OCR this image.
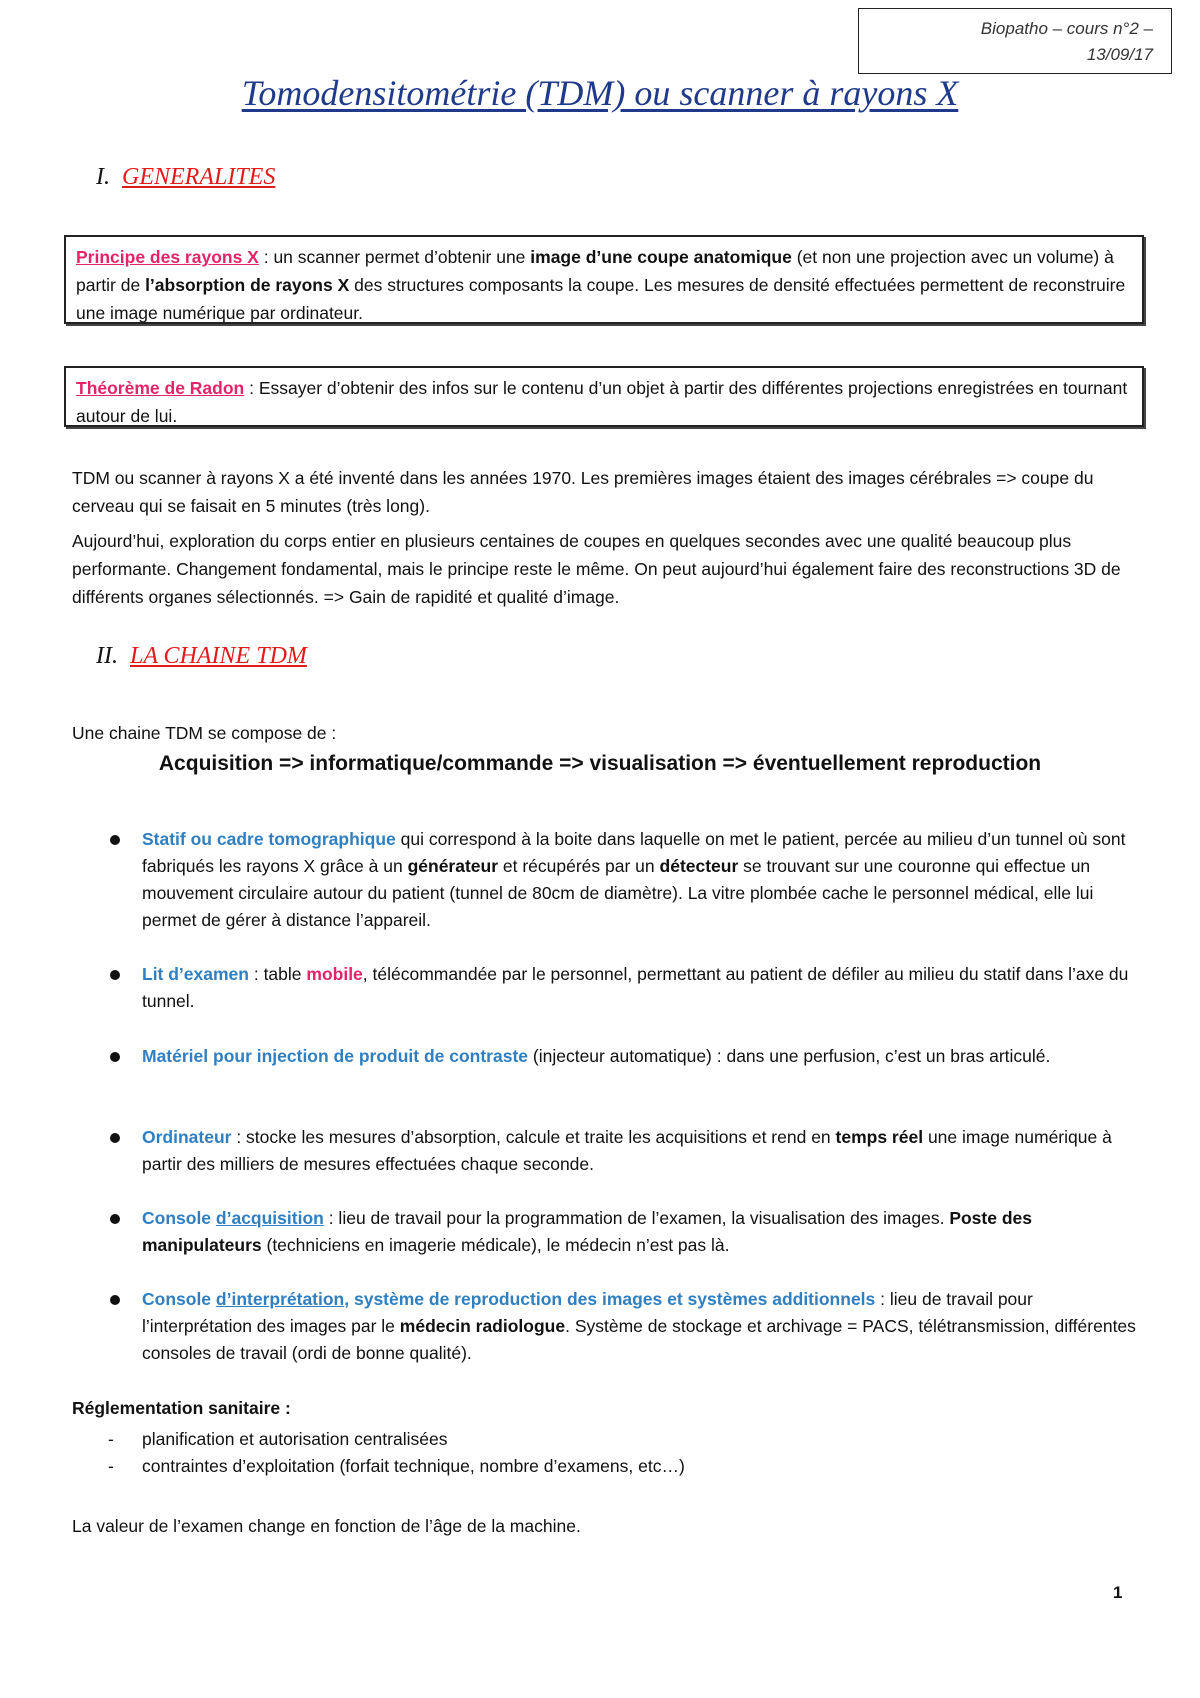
Biopatho – cours n°2 –
13/09/17
Tomodensitométrie (TDM) ou scanner à rayons X
I. GENERALITES
Principe des rayons X : un scanner permet d’obtenir une image d’une coupe anatomique (et non une projection avec un volume) à partir de l’absorption de rayons X des structures composants la coupe. Les mesures de densité effectuées permettent de reconstruire une image numérique par ordinateur.
Théorème de Radon : Essayer d’obtenir des infos sur le contenu d’un objet à partir des différentes projections enregistrées en tournant autour de lui.
TDM ou scanner à rayons X a été inventé dans les années 1970. Les premières images étaient des images cérébrales => coupe du cerveau qui se faisait en 5 minutes (très long).
Aujourd’hui, exploration du corps entier en plusieurs centaines de coupes en quelques secondes avec une qualité beaucoup plus performante. Changement fondamental, mais le principe reste le même. On peut aujourd’hui également faire des reconstructions 3D de différents organes sélectionnés. => Gain de rapidité et qualité d’image.
II. LA CHAINE TDM
Une chaine TDM se compose de :
Acquisition => informatique/commande => visualisation => éventuellement reproduction
Statif ou cadre tomographique qui correspond à la boite dans laquelle on met le patient, percée au milieu d’un tunnel où sont fabriqués les rayons X grâce à un générateur et récupérés par un détecteur se trouvant sur une couronne qui effectue un mouvement circulaire autour du patient (tunnel de 80cm de diamètre). La vitre plombée cache le personnel médical, elle lui permet de gérer à distance l’appareil.
Lit d’examen : table mobile, télécommandée par le personnel, permettant au patient de défiler au milieu du statif dans l’axe du tunnel.
Matériel pour injection de produit de contraste (injecteur automatique) : dans une perfusion, c’est un bras articulé.
Ordinateur : stocke les mesures d’absorption, calcule et traite les acquisitions et rend en temps réel une image numérique à partir des milliers de mesures effectuées chaque seconde.
Console d’acquisition : lieu de travail pour la programmation de l’examen, la visualisation des images. Poste des manipulateurs (techniciens en imagerie médicale), le médecin n’est pas là.
Console d’interprétation, système de reproduction des images et systèmes additionnels : lieu de travail pour l’interprétation des images par le médecin radiologue. Système de stockage et archivage = PACS, télétransmission, différentes consoles de travail (ordi de bonne qualité).
Réglementation sanitaire :
- planification et autorisation centralisées
- contraintes d’exploitation (forfait technique, nombre d’examens, etc…)
La valeur de l’examen change en fonction de l’âge de la machine.
1
